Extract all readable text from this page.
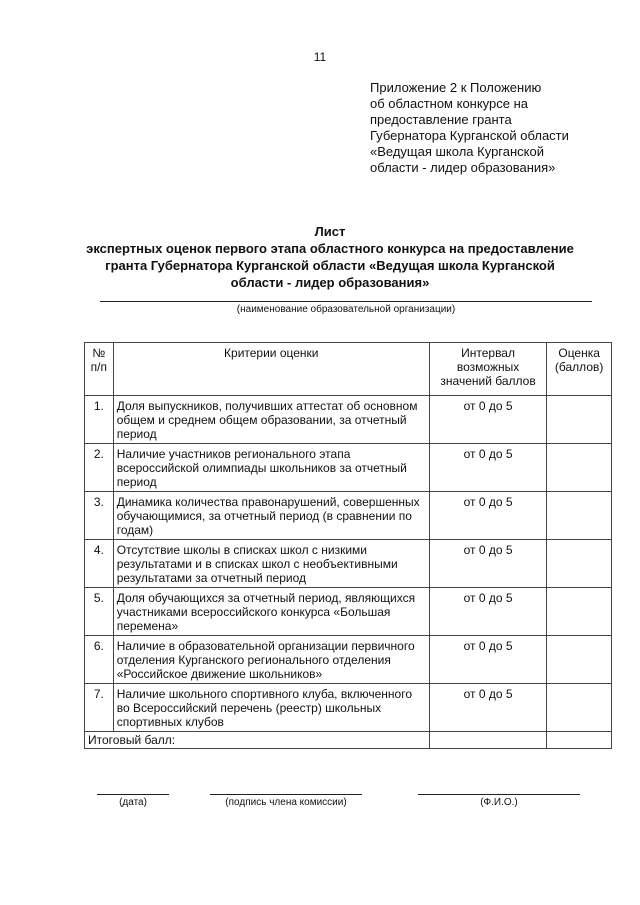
11
Приложение 2 к Положению
об областном конкурсе на
предоставление гранта
Губернатора Курганской области
«Ведущая школа Курганской
области - лидер образования»
Лист
экспертных оценок первого этапа областного конкурса на предоставление
гранта Губернатора Курганской области «Ведущая школа Курганской
области - лидер образования»
(наименование образовательной организации)
№ п/п	Критерии оценки	Интервал возможных значений баллов	Оценка (баллов)
1.	Доля выпускников, получивших аттестат об основном общем и среднем общем образовании, за отчетный период	от 0 до 5	
2.	Наличие участников регионального этапа всероссийской олимпиады школьников за отчетный период	от 0 до 5	
3.	Динамика количества правонарушений, совершенных обучающимися, за отчетный период (в сравнении по годам)	от 0 до 5	
4.	Отсутствие школы в списках школ с низкими результатами и в списках школ с необъективными результатами за отчетный период	от 0 до 5	
5.	Доля обучающихся за отчетный период, являющихся участниками всероссийского конкурса «Большая перемена»	от 0 до 5	
6.	Наличие в образовательной организации первичного отделения Курганского регионального отделения «Российское движение школьников»	от 0 до 5	
7.	Наличие школьного спортивного клуба, включенного во Всероссийский перечень (реестр) школьных спортивных клубов	от 0 до 5	
Итоговый балл:			
(дата)	(подпись члена комиссии)	(Ф.И.О.)
